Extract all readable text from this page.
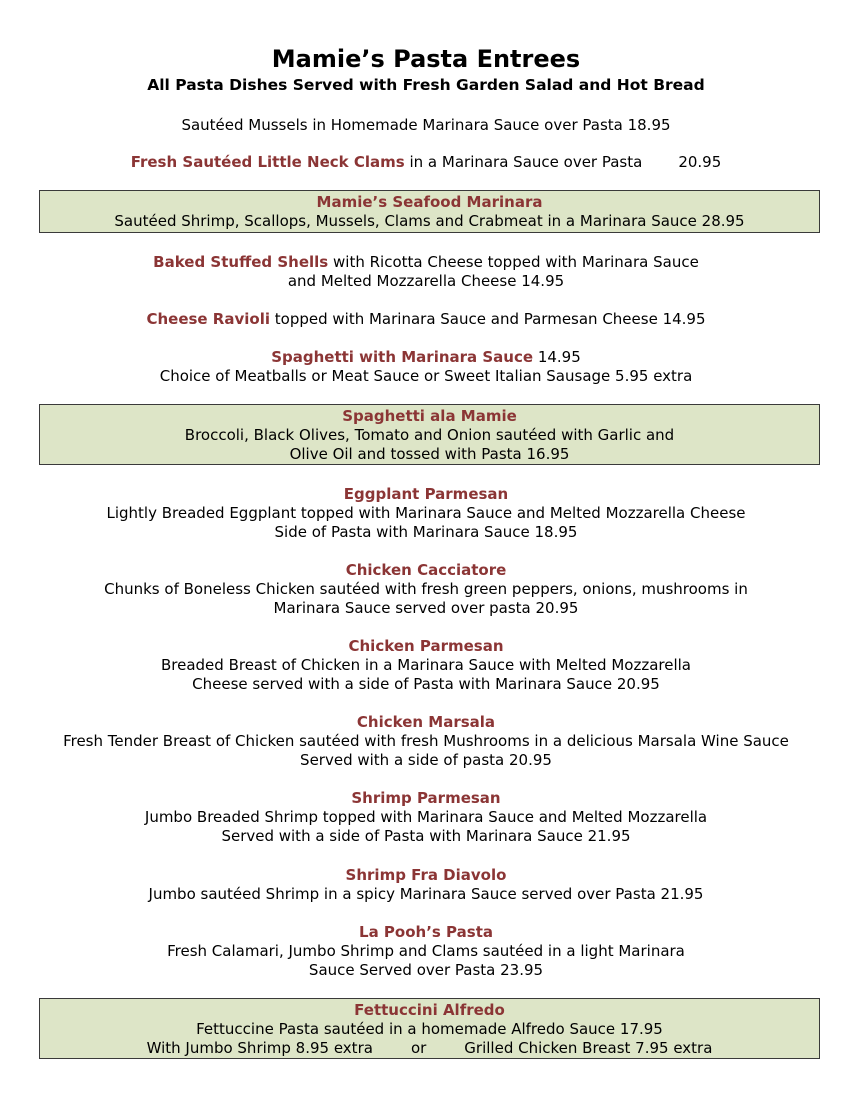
Mamie’s Pasta Entrees
All Pasta Dishes Served with Fresh Garden Salad and Hot Bread
Sautéed Mussels in Homemade Marinara Sauce over Pasta 18.95
Fresh Sautéed Little Neck Clams in a Marinara Sauce over Pasta 20.95
Mamie’s Seafood Marinara
Sautéed Shrimp, Scallops, Mussels, Clams and Crabmeat in a Marinara Sauce 28.95
Baked Stuffed Shells with Ricotta Cheese topped with Marinara Sauce
and Melted Mozzarella Cheese 14.95
Cheese Ravioli topped with Marinara Sauce and Parmesan Cheese 14.95
Spaghetti with Marinara Sauce 14.95
Choice of Meatballs or Meat Sauce or Sweet Italian Sausage 5.95 extra
Spaghetti ala Mamie
Broccoli, Black Olives, Tomato and Onion sautéed with Garlic and
Olive Oil and tossed with Pasta 16.95
Eggplant Parmesan
Lightly Breaded Eggplant topped with Marinara Sauce and Melted Mozzarella Cheese
Side of Pasta with Marinara Sauce 18.95
Chicken Cacciatore
Chunks of Boneless Chicken sautéed with fresh green peppers, onions, mushrooms in
Marinara Sauce served over pasta 20.95
Chicken Parmesan
Breaded Breast of Chicken in a Marinara Sauce with Melted Mozzarella
Cheese served with a side of Pasta with Marinara Sauce 20.95
Chicken Marsala
Fresh Tender Breast of Chicken sautéed with fresh Mushrooms in a delicious Marsala Wine Sauce
Served with a side of pasta 20.95
Shrimp Parmesan
Jumbo Breaded Shrimp topped with Marinara Sauce and Melted Mozzarella
Served with a side of Pasta with Marinara Sauce 21.95
Shrimp Fra Diavolo
Jumbo sautéed Shrimp in a spicy Marinara Sauce served over Pasta 21.95
La Pooh’s Pasta
Fresh Calamari, Jumbo Shrimp and Clams sautéed in a light Marinara
Sauce Served over Pasta 23.95
Fettuccini Alfredo
Fettuccine Pasta sautéed in a homemade Alfredo Sauce 17.95
With Jumbo Shrimp 8.95 extra	or	Grilled Chicken Breast 7.95 extra
